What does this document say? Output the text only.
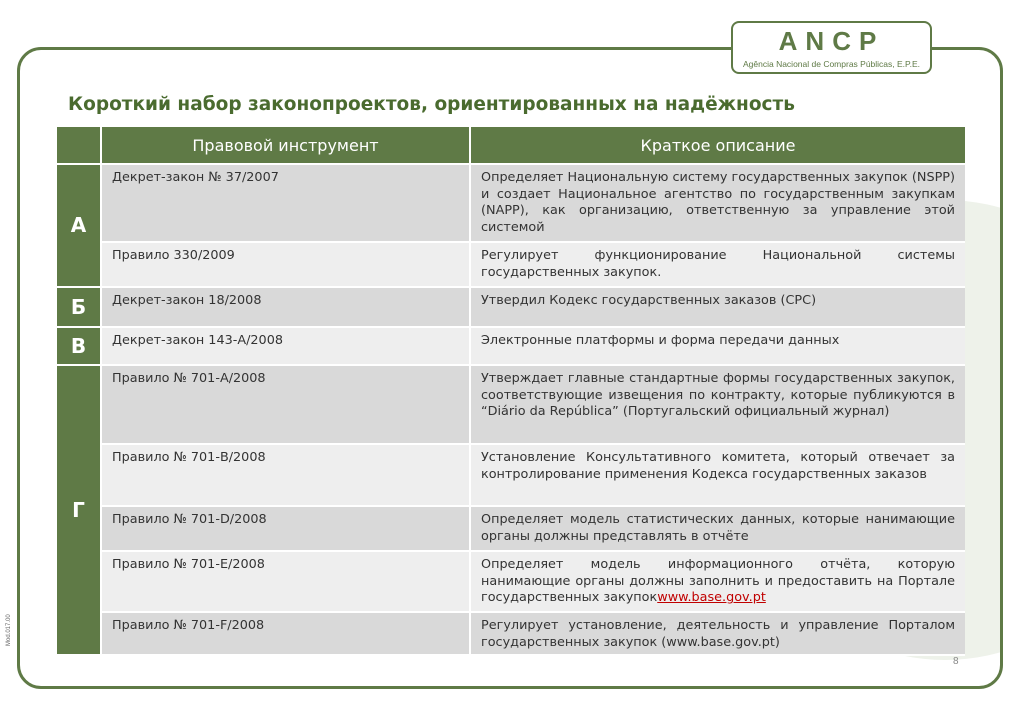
ANCP
Agência Nacional de Compras Públicas, E.P.E.
Короткий набор законопроектов, ориентированных на надёжность
	Правовой инструмент	Краткое описание
А	Декрет-закон № 37/2007	Определяет Национальную систему государственных закупок (NSPP) и создает Национальное агентство по государственным закупкам (NAPP), как организацию, ответственную за управление этой системой
	Правило 330/2009	Регулирует функционирование Национальной системы государственных закупок.
Б	Декрет-закон 18/2008	Утвердил Кодекс государственных заказов (CPC)
В	Декрет-закон 143-A/2008	Электронные платформы и форма передачи данных
Г	Правило № 701-A/2008	Утверждает главные стандартные формы государственных закупок, соответствующие извещения по контракту, которые публикуются в “Diário da República” (Португальский официальный журнал)
	Правило № 701-B/2008	Установление Консультативного комитета, который отвечает за контролирование применения Кодекса государственных заказов
	Правило № 701-D/2008	Определяет модель статистических данных, которые нанимающие органы должны представлять в отчёте
	Правило № 701-E/2008	Определяет модель информационного отчёта, которую нанимающие органы должны заполнить и предоставить на Портале государственных закупокwww.base.gov.pt
	Правило № 701-F/2008	Регулирует установление, деятельность и управление Порталом государственных закупок (www.base.gov.pt)
8
Mod.017.00
